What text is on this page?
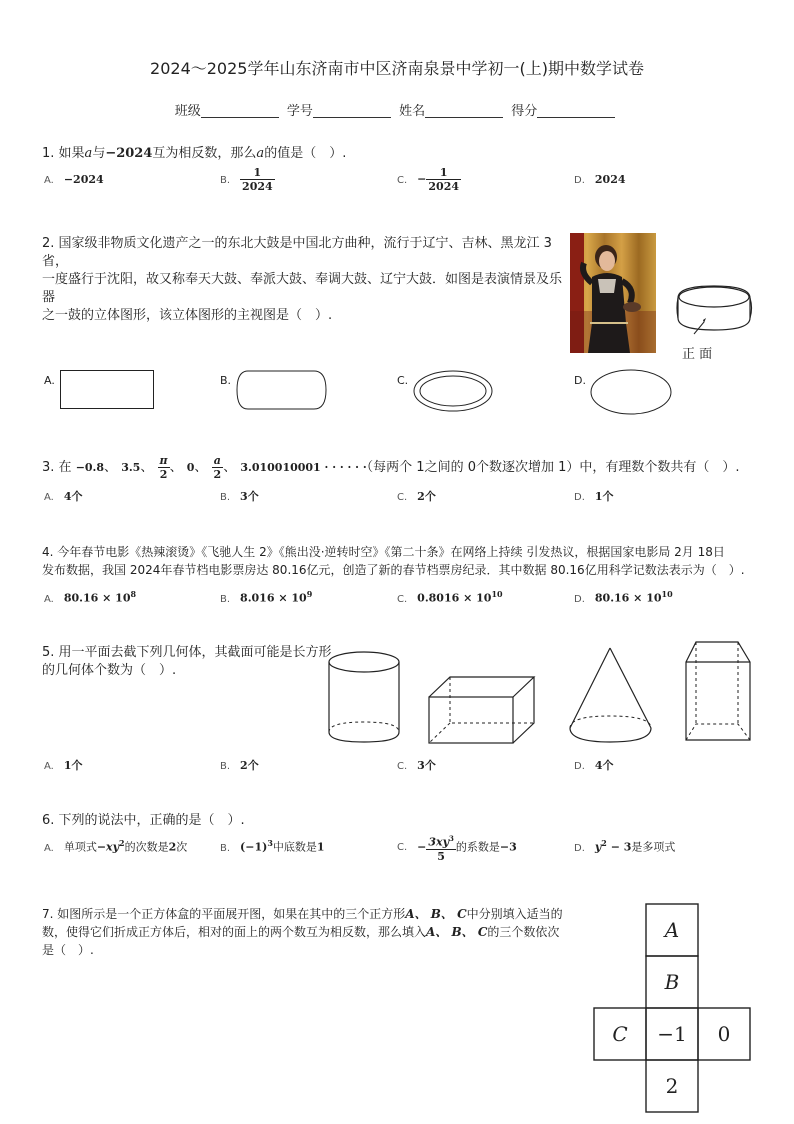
2024～2025学年山东济南市中区济南泉景中学初一(上)期中数学试卷
班级	学号	姓名	得分
1. 如果a与−2024互为相反数，那么a的值是（　）.
A. −2024	B. $\frac{1}{2024}$	C. − $\frac{1}{2024}$	D. 2024
2. 国家级非物质文化遗产之一的东北大鼓是中国北方曲种，流行于辽宁、吉林、黑龙江 3省，
一度盛行于沈阳，故又称奉天大鼓、奉派大鼓、奉调大鼓、辽宁大鼓．如图是表演情景及乐器
之一鼓的立体图形，该立体图形的主视图是（　）.
正 面
A.	B.	C.	D.
3. 在 −0.8、 3.5、 $\frac{\pi}{2}$ 、 0、 $\frac{a}{2}$ 、 3.010010001 · · · · · ·（每两个 1之间的 0个数逐次增加 1）中，有理数个数共有（　）.
A. 4个	B. 3个	C. 2个	D. 1个
4. 今年春节电影《热辣滚烫》《飞驰人生 2》《熊出没·逆转时空》《第二十条》在网络上持续 引发热议，根据国家电影局 2月 18日
发布数据，我国 2024年春节档电影票房达 80.16亿元，创造了新的春节档票房纪录．其中数据 80.16亿用科学记数法表示为（　）.
A. $80.16 \times 10^8$	B. $8.016 \times 10^9$	C. $0.8016 \times 10^{10}$	D. $80.16 \times 10^{10}$
5. 用一平面去截下列几何体，其截面可能是长方形
的几何体个数为（　）.
A. 1个	B. 2个	C. 3个	D. 4个
6. 下列的说法中，正确的是（　）.
A. 单项式$-xy^2$的次数是2次	B. $(-1)^3$中底数是1	C. − $\frac{3xy^3}{5}$ 的系数是−3	D. $y^2 - 3$是多项式
7. 如图所示是一个正方体盒的平面展开图，如果在其中的三个正方形A、 B、 C中分别填入适当的
数，使得它们折成正方体后，相对的面上的两个数互为相反数，那么填入A、 B、 C的三个数依次
是（　）.
A
B
C −1 0
2
